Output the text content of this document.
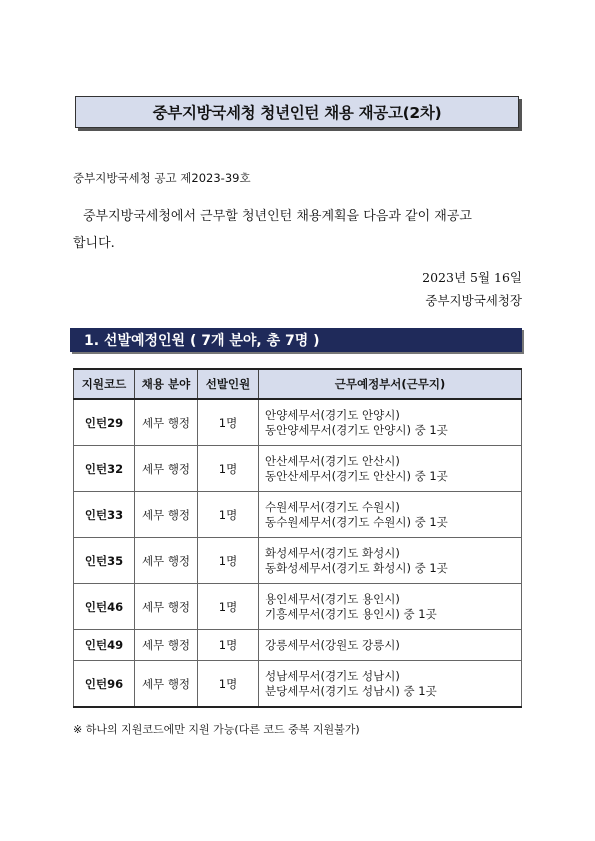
중부지방국세청 청년인턴 채용 재공고(2차)
중부지방국세청 공고 제2023-39호
중부지방국세청에서 근무할 청년인턴 채용계획을 다음과 같이 재공고
합니다.
2023년 5월 16일
중부지방국세청장
1. 선발예정인원 ( 7개 분야, 총 7명 )
지원코드	채용 분야	선발인원	근무예정부서(근무지)
인턴29	세무 행정	1명	안양세무서(경기도 안양시)
동안양세무서(경기도 안양시) 중 1곳

인턴32	세무 행정	1명	안산세무서(경기도 안산시)
동안산세무서(경기도 안산시) 중 1곳

인턴33	세무 행정	1명	수원세무서(경기도 수원시)
동수원세무서(경기도 수원시) 중 1곳

인턴35	세무 행정	1명	화성세무서(경기도 화성시)
동화성세무서(경기도 화성시) 중 1곳

인턴46	세무 행정	1명	용인세무서(경기도 용인시)
기흥세무서(경기도 용인시) 중 1곳

인턴49	세무 행정	1명	강릉세무서(강원도 강릉시)

인턴96	세무 행정	1명	성남세무서(경기도 성남시)
분당세무서(경기도 성남시) 중 1곳
※ 하나의 지원코드에만 지원 가능(다른 코드 중복 지원불가)
